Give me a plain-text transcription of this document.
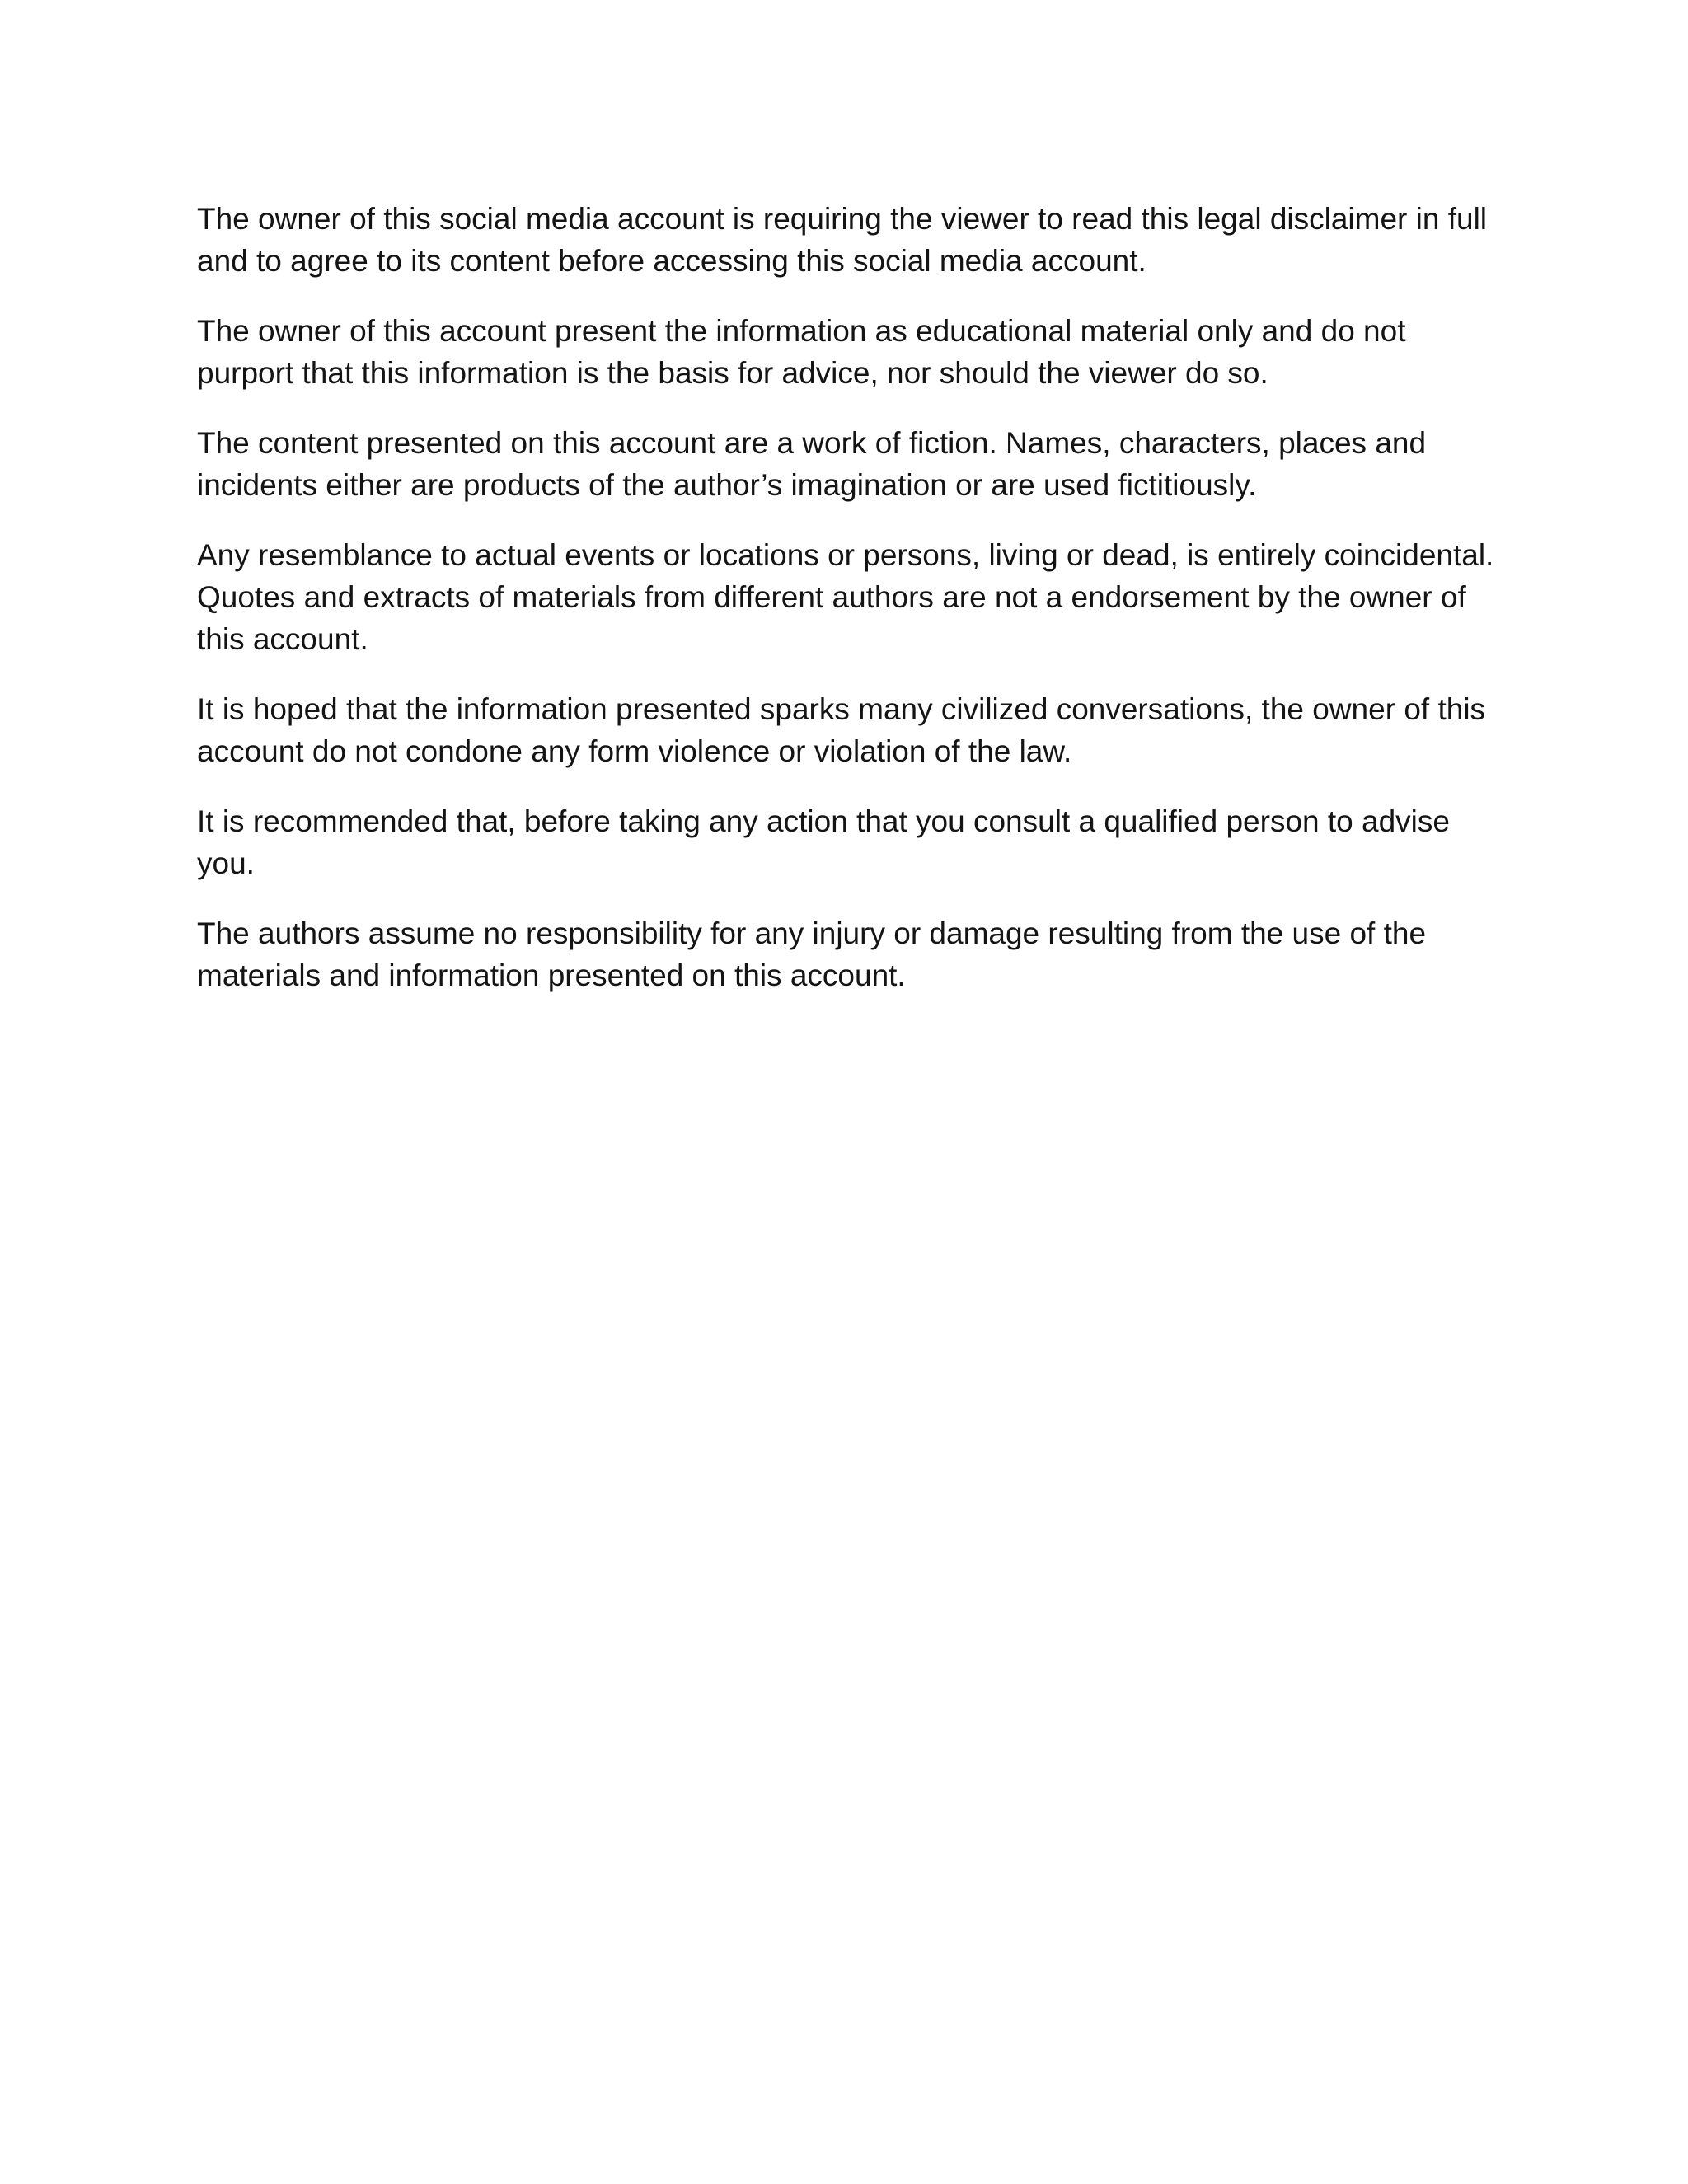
The owner of this social media account is requiring the viewer to read this legal disclaimer in full and to agree to its content before accessing this social media account.

The owner of this account present the information as educational material only and do not purport that this information is the basis for advice, nor should the viewer do so.

The content presented on this account are a work of fiction. Names, characters, places and incidents either are products of the author’s imagination or are used fictitiously.

Any resemblance to actual events or locations or persons, living or dead, is entirely coincidental. Quotes and extracts of materials from different authors are not a endorsement by the owner of this account.

It is hoped that the information presented sparks many civilized conversations, the owner of this account do not condone any form violence or violation of the law.

It is recommended that, before taking any action that you consult a qualified person to advise you.

The authors assume no responsibility for any injury or damage resulting from the use of the materials and information presented on this account.
